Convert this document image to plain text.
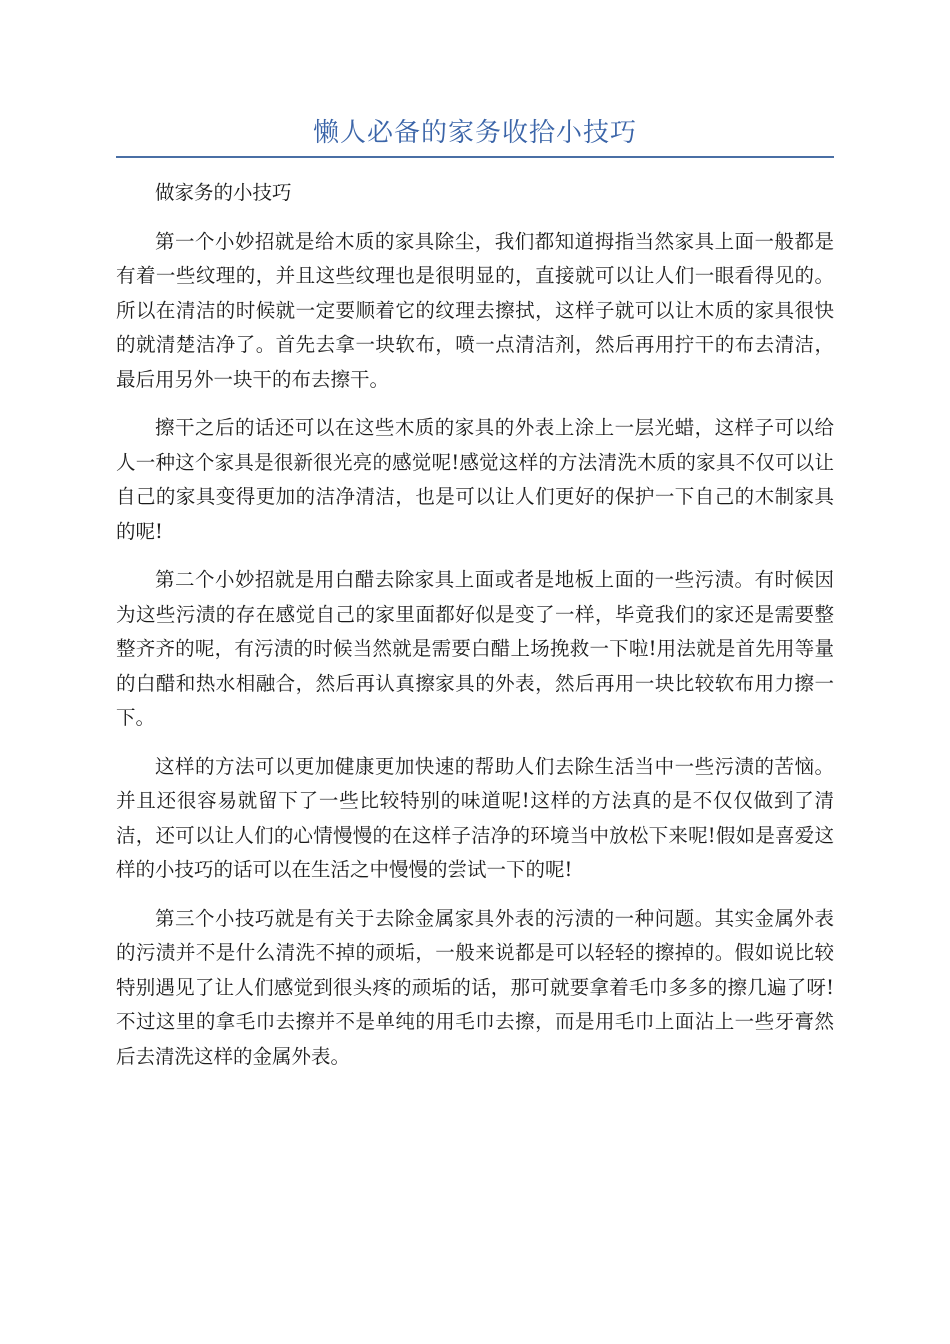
懒人必备的家务收拾小技巧

做家务的小技巧

第一个小妙招就是给木质的家具除尘，我们都知道拇指当然家具上面一般都是有着一些纹理的，并且这些纹理也是很明显的，直接就可以让人们一眼看得见的。所以在清洁的时候就一定要顺着它的纹理去擦拭，这样子就可以让木质的家具很快的就清楚洁净了。首先去拿一块软布，喷一点清洁剂，然后再用拧干的布去清洁，最后用另外一块干的布去擦干。

擦干之后的话还可以在这些木质的家具的外表上涂上一层光蜡，这样子可以给人一种这个家具是很新很光亮的感觉呢!感觉这样的方法清洗木质的家具不仅可以让自己的家具变得更加的洁净清洁，也是可以让人们更好的保护一下自己的木制家具的呢!

第二个小妙招就是用白醋去除家具上面或者是地板上面的一些污渍。有时候因为这些污渍的存在感觉自己的家里面都好似是变了一样，毕竟我们的家还是需要整整齐齐的呢，有污渍的时候当然就是需要白醋上场挽救一下啦!用法就是首先用等量的白醋和热水相融合，然后再认真擦家具的外表，然后再用一块比较软布用力擦一下。

这样的方法可以更加健康更加快速的帮助人们去除生活当中一些污渍的苦恼。并且还很容易就留下了一些比较特别的味道呢!这样的方法真的是不仅仅做到了清洁，还可以让人们的心情慢慢的在这样子洁净的环境当中放松下来呢!假如是喜爱这样的小技巧的话可以在生活之中慢慢的尝试一下的呢!

第三个小技巧就是有关于去除金属家具外表的污渍的一种问题。其实金属外表的污渍并不是什么清洗不掉的顽垢，一般来说都是可以轻轻的擦掉的。假如说比较特别遇见了让人们感觉到很头疼的顽垢的话，那可就要拿着毛巾多多的擦几遍了呀!不过这里的拿毛巾去擦并不是单纯的用毛巾去擦，而是用毛巾上面沾上一些牙膏然后去清洗这样的金属外表。
